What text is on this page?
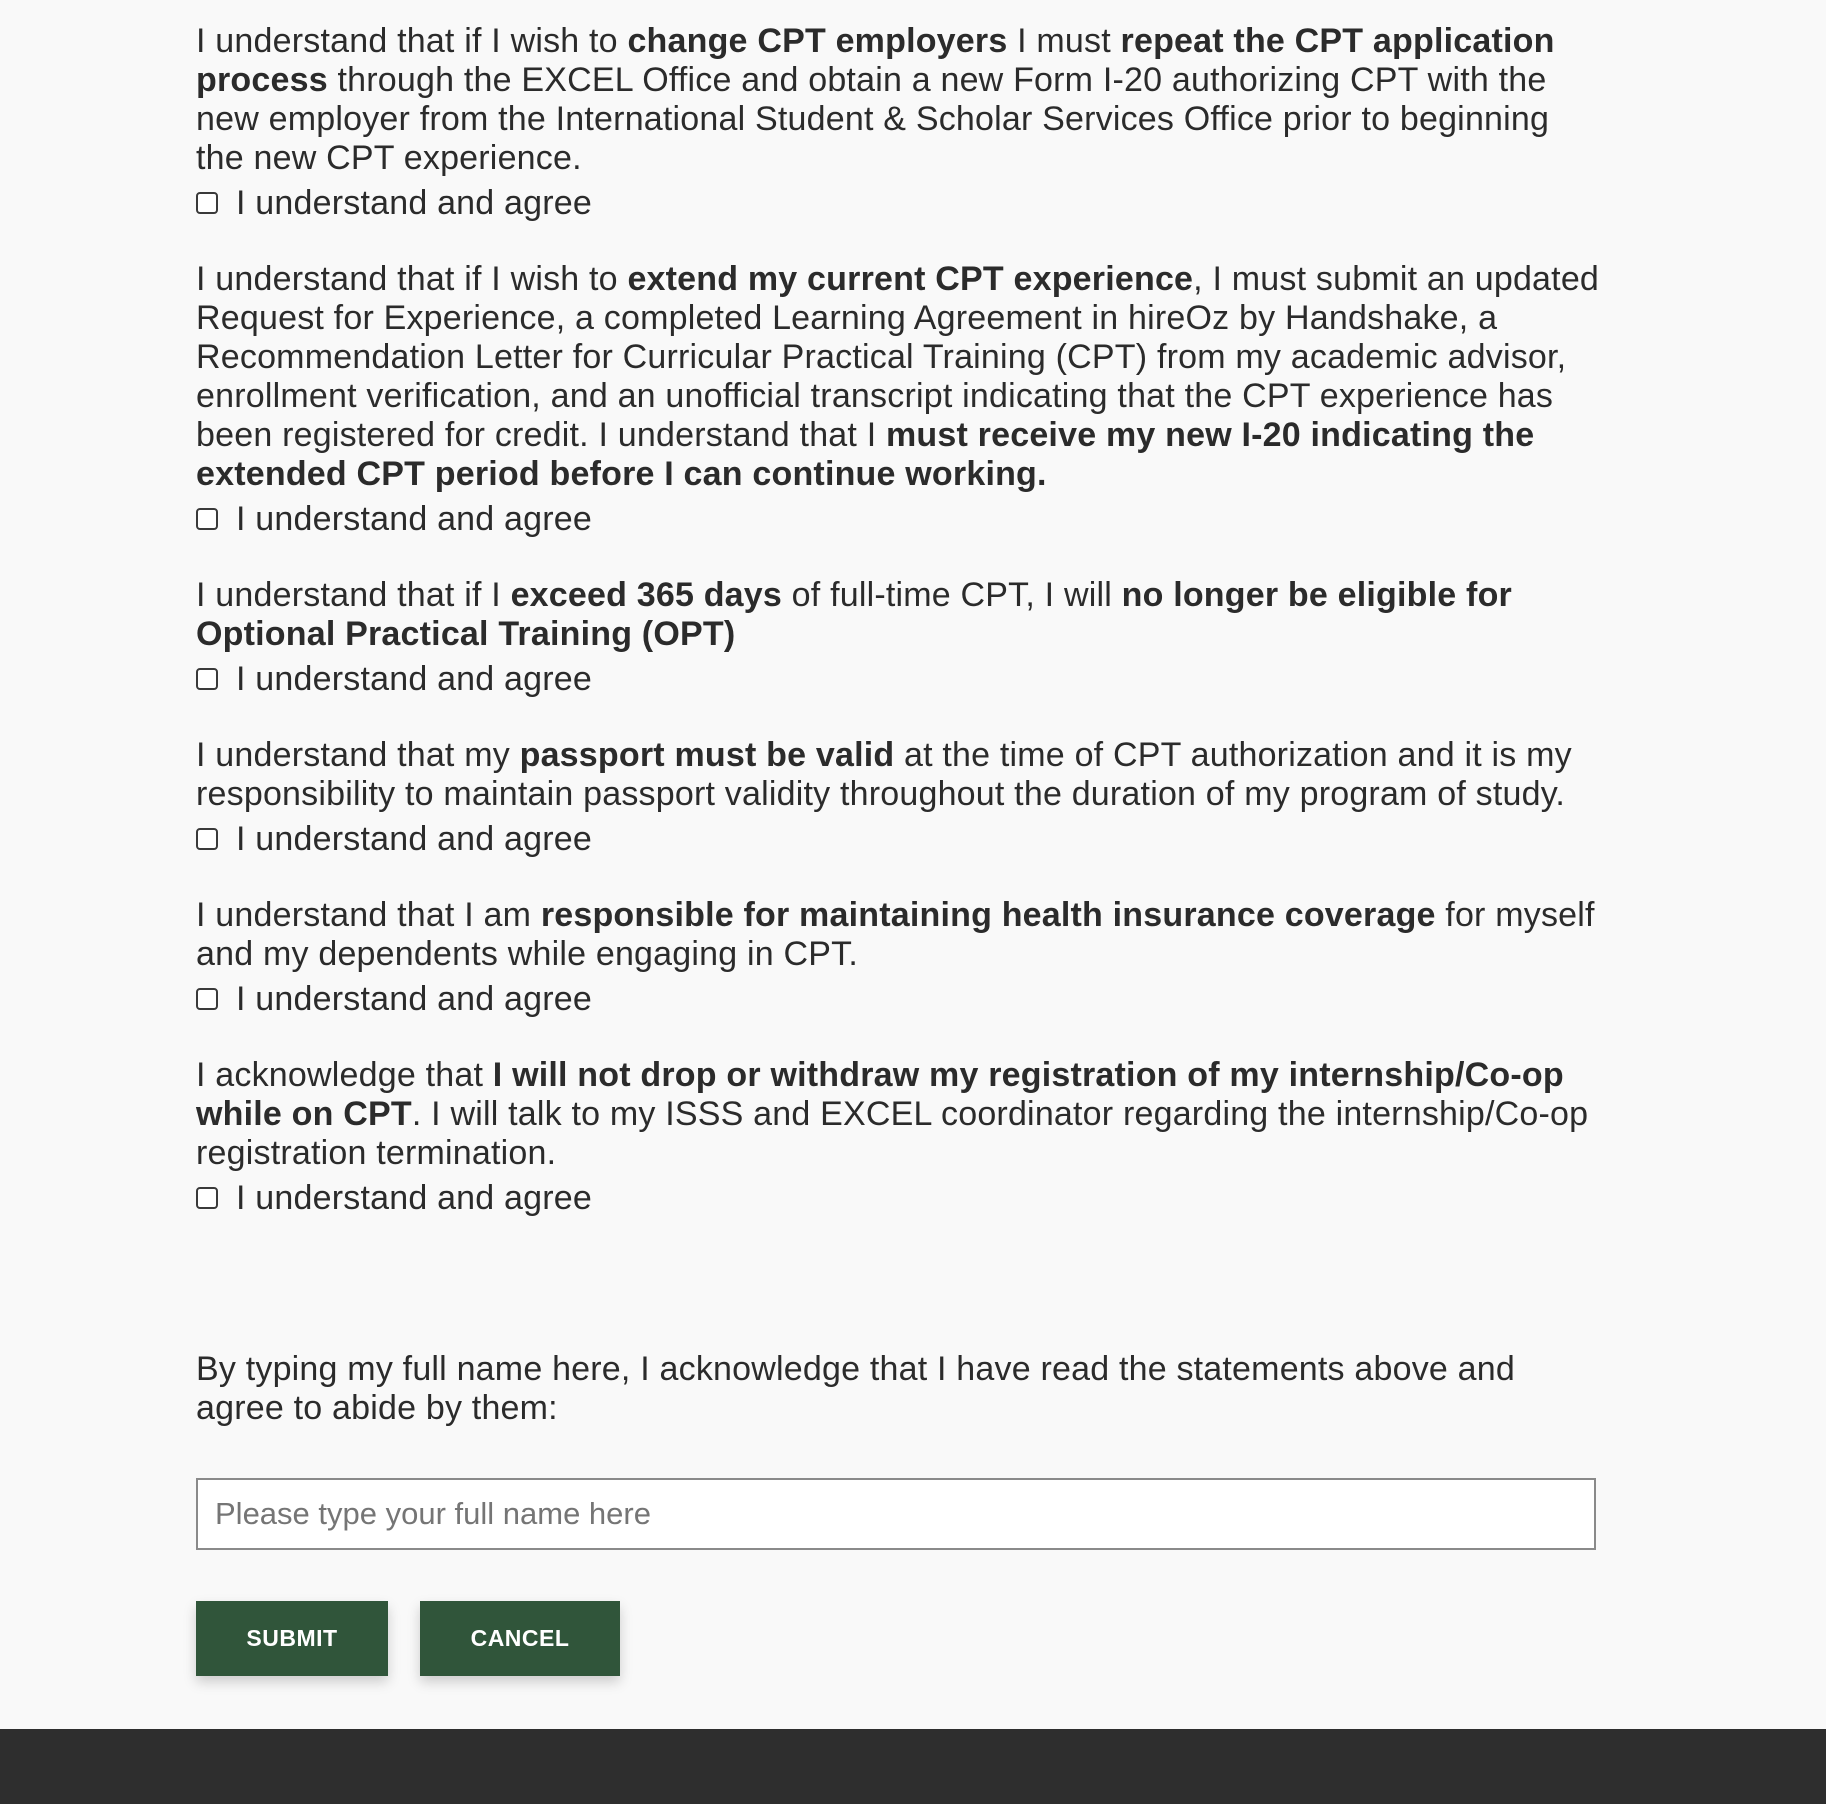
I understand that if I wish to change CPT employers I must repeat the CPT application process through the EXCEL Office and obtain a new Form I-20 authorizing CPT with the new employer from the International Student & Scholar Services Office prior to beginning the new CPT experience.

I understand and agree

I understand that if I wish to extend my current CPT experience, I must submit an updated Request for Experience, a completed Learning Agreement in hireOz by Handshake, a Recommendation Letter for Curricular Practical Training (CPT) from my academic advisor, enrollment verification, and an unofficial transcript indicating that the CPT experience has been registered for credit. I understand that I must receive my new I-20 indicating the extended CPT period before I can continue working.

I understand and agree

I understand that if I exceed 365 days of full-time CPT, I will no longer be eligible for Optional Practical Training (OPT)

I understand and agree

I understand that my passport must be valid at the time of CPT authorization and it is my responsibility to maintain passport validity throughout the duration of my program of study.

I understand and agree

I understand that I am responsible for maintaining health insurance coverage for myself and my dependents while engaging in CPT.

I understand and agree

I acknowledge that I will not drop or withdraw my registration of my internship/Co-op while on CPT. I will talk to my ISSS and EXCEL coordinator regarding the internship/Co-op registration termination.

I understand and agree

By typing my full name here, I acknowledge that I have read the statements above and agree to abide by them:

Please type your full name here
SUBMIT	CANCEL
